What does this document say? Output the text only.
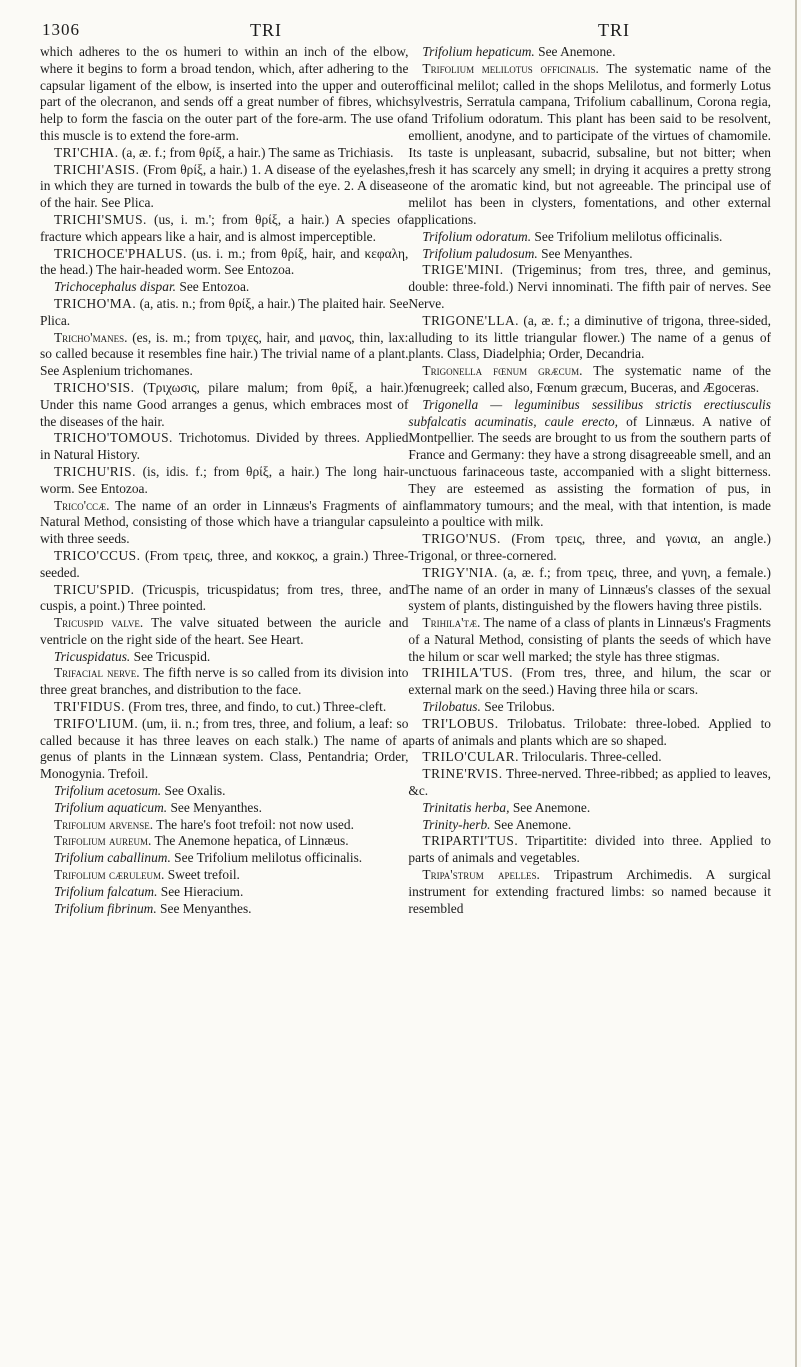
1306	TRI	TRI

which adheres to the os humeri to within an inch of the elbow, where it begins to form a broad tendon, which, after adhering to the capsular ligament of the elbow, is inserted into the upper and outer part of the olecranon, and sends off a great number of fibres, which help to form the fascia on the outer part of the fore-arm. The use of this muscle is to extend the fore-arm.

TRI'CHIA. (a, æ. f.; from θρίξ, a hair.) The same as Trichiasis.

TRICHI'ASIS. (From θρίξ, a hair.) 1. A disease of the eyelashes, in which they are turned in towards the bulb of the eye. 2. A disease of the hair. See Plica.

TRICHI'SMUS. (us, i. m.'; from θρίξ, a hair.) A species of fracture which appears like a hair, and is almost imperceptible.

TRICHOCE'PHALUS. (us. i. m.; from θρίξ, hair, and κεφαλη, the head.) The hair-headed worm. See Entozoa.

Trichocephalus dispar. See Entozoa.

TRICHO'MA. (a, atis. n.; from θρίξ, a hair.) The plaited hair. See Plica.

Tricho'manes. (es, is. m.; from τριχες, hair, and μανος, thin, lax: so called because it resembles fine hair.) The trivial name of a plant. See Asplenium trichomanes.

TRICHO'SIS. (Τριχωσις, pilare malum; from θρίξ, a hair.) Under this name Good arranges a genus, which embraces most of the diseases of the hair.

TRICHO'TOMOUS. Trichotomus. Divided by threes. Applied in Natural History.

TRICHU'RIS. (is, idis. f.; from θρίξ, a hair.) The long hair-worm. See Entozoa.

Trico'ccæ. The name of an order in Linnæus's Fragments of a Natural Method, consisting of those which have a triangular capsule with three seeds.

TRICO'CCUS. (From τρεις, three, and κοκκος, a grain.) Three-seeded.

TRICU'SPID. (Tricuspis, tricuspidatus; from tres, three, and cuspis, a point.) Three pointed.

Tricuspid valve. The valve situated between the auricle and ventricle on the right side of the heart. See Heart.

Tricuspidatus. See Tricuspid.

Trifacial nerve. The fifth nerve is so called from its division into three great branches, and distribution to the face.

TRI'FIDUS. (From tres, three, and findo, to cut.) Three-cleft.

TRIFO'LIUM. (um, ii. n.; from tres, three, and folium, a leaf: so called because it has three leaves on each stalk.) The name of a genus of plants in the Linnæan system. Class, Pentandria; Order, Monogynia. Trefoil.

Trifolium acetosum. See Oxalis.

Trifolium aquaticum. See Menyanthes.

Trifolium arvense. The hare's foot trefoil: not now used.

Trifolium aureum. The Anemone hepatica, of Linnæus.

Trifolium caballinum. See Trifolium melilotus officinalis.

Trifolium cæruleum. Sweet trefoil.

Trifolium falcatum. See Hieracium.

Trifolium fibrinum. See Menyanthes.

Trifolium hepaticum. See Anemone.

Trifolium melilotus officinalis. The systematic name of the officinal melilot; called in the shops Melilotus, and formerly Lotus sylvestris, Serratula campana, Trifolium caballinum, Corona regia, and Trifolium odoratum. This plant has been said to be resolvent, emollient, anodyne, and to participate of the virtues of chamomile. Its taste is unpleasant, subacrid, subsaline, but not bitter; when fresh it has scarcely any smell; in drying it acquires a pretty strong one of the aromatic kind, but not agreeable. The principal use of melilot has been in clysters, fomentations, and other external applications.

Trifolium odoratum. See Trifolium melilotus officinalis.

Trifolium paludosum. See Menyanthes.

TRIGE'MINI. (Trigeminus; from tres, three, and geminus, double: three-fold.) Nervi innominati. The fifth pair of nerves. See Nerve.

TRIGONE'LLA. (a, æ. f.; a diminutive of trigona, three-sided, alluding to its little triangular flower.) The name of a genus of plants. Class, Diadelphia; Order, Decandria.

Trigonella fœnum græcum. The systematic name of the fœnugreek; called also, Fœnum græcum, Buceras, and Ægoceras.

Trigonella — leguminibus sessilibus strictis erectiusculis subfalcatis acuminatis, caule erecto, of Linnæus. A native of Montpellier. The seeds are brought to us from the southern parts of France and Germany: they have a strong disagreeable smell, and an unctuous farinaceous taste, accompanied with a slight bitterness. They are esteemed as assisting the formation of pus, in inflammatory tumours; and the meal, with that intention, is made into a poultice with milk.

TRIGO'NUS. (From τρεις, three, and γωνια, an angle.) Trigonal, or three-cornered.

TRIGY'NIA. (a, æ. f.; from τρεις, three, and γυνη, a female.) The name of an order in many of Linnæus's classes of the sexual system of plants, distinguished by the flowers having three pistils.

Trihila'tæ. The name of a class of plants in Linnæus's Fragments of a Natural Method, consisting of plants the seeds of which have the hilum or scar well marked; the style has three stigmas.

TRIHILA'TUS. (From tres, three, and hilum, the scar or external mark on the seed.) Having three hila or scars.

Trilobatus. See Trilobus.

TRI'LOBUS. Trilobatus. Trilobate: three-lobed. Applied to parts of animals and plants which are so shaped.

TRILO'CULAR. Trilocularis. Three-celled.

TRINE'RVIS. Three-nerved. Three-ribbed; as applied to leaves, &c.

Trinitatis herba, See Anemone.

Trinity-herb. See Anemone.

TRIPARTI'TUS. Tripartitite: divided into three. Applied to parts of animals and vegetables.

Tripa'strum apelles. Tripastrum Archimedis. A surgical instrument for extending fractured limbs: so named because it resembled
